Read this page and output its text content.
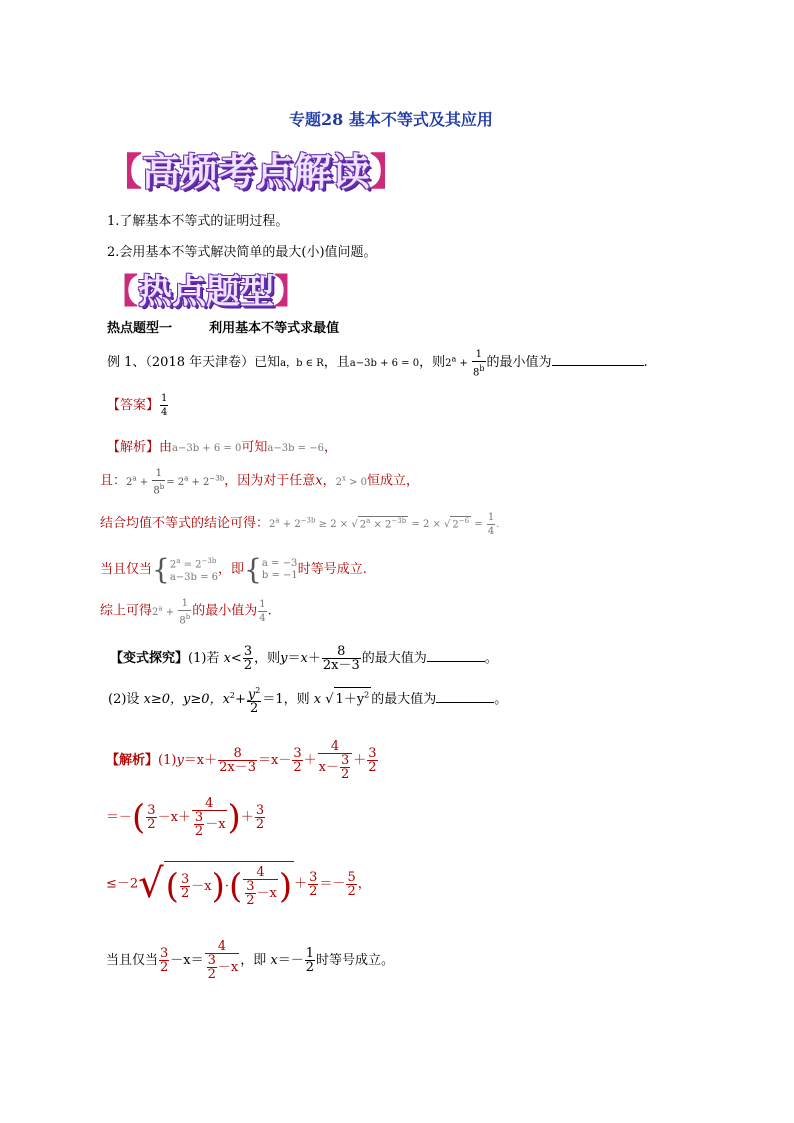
专题28 基本不等式及其应用
【高频考点解读】
1.了解基本不等式的证明过程。
2.会用基本不等式解决简单的最大(小)值问题。
【热点题型】
热点题型一	利用基本不等式求最值
例 1、（2018 年天津卷）已知a，b ∈ R，且a−3b + 6 = 0，则$2^a + \frac{1}{8^b}$ 的最小值为	.
【答案】 $\frac{1}{4}$
【解析】由a−3b + 6 = 0可知a−3b = −6，
且：$2^a + \frac{1}{8^b} = 2^a + 2^{-3b}$，因为对于任意x，$2^x > 0$恒成立，
结合均值不等式的结论可得：$2^a + 2^{-3b} \ge 2$ × √ $2^a \times 2^{-3b} = 2$ × √ $2^{-6} = \frac{1}{4}$ .
当且仅当{ $2^a = 2^{-3b}$
a−3b = 6
，即{ a = −3
b = −1 时等号成立.
综上可得$2^a + \frac{1}{8^b}$ 的最小值为 $\frac{1}{4}$ .
【变式探究】(1)若 $x< \frac{3}{2}$ ，则$y=x+ \frac{8}{2x-3}$ 的最大值为	。
(2)设 x≥0，y≥0，$x^2+ \frac{y^2}{2} =1$，则 x √ $1+y^2$ 的最大值为	。
【解析】$(1)y=x+ \frac{8}{2x-3} =x- \frac{3}{2} + \frac{4}{x- \frac{3}{2}} + \frac{3}{2}$
＝－( $\frac{3}{2} -x+ \frac{4}{\frac{3}{2} -x}$ )＋ $\frac{3}{2}$
$\le-2√( \frac{3}{2} -x)\cdot( \frac{4}{\frac{3}{2} -x}$ ) ＋ $\frac{3}{2} =- \frac{5}{2}$ ，
当且仅当 $\frac{3}{2} -x= \frac{4}{\frac{3}{2} -x}$ ，即 $x=- \frac{1}{2}$ 时等号成立。
